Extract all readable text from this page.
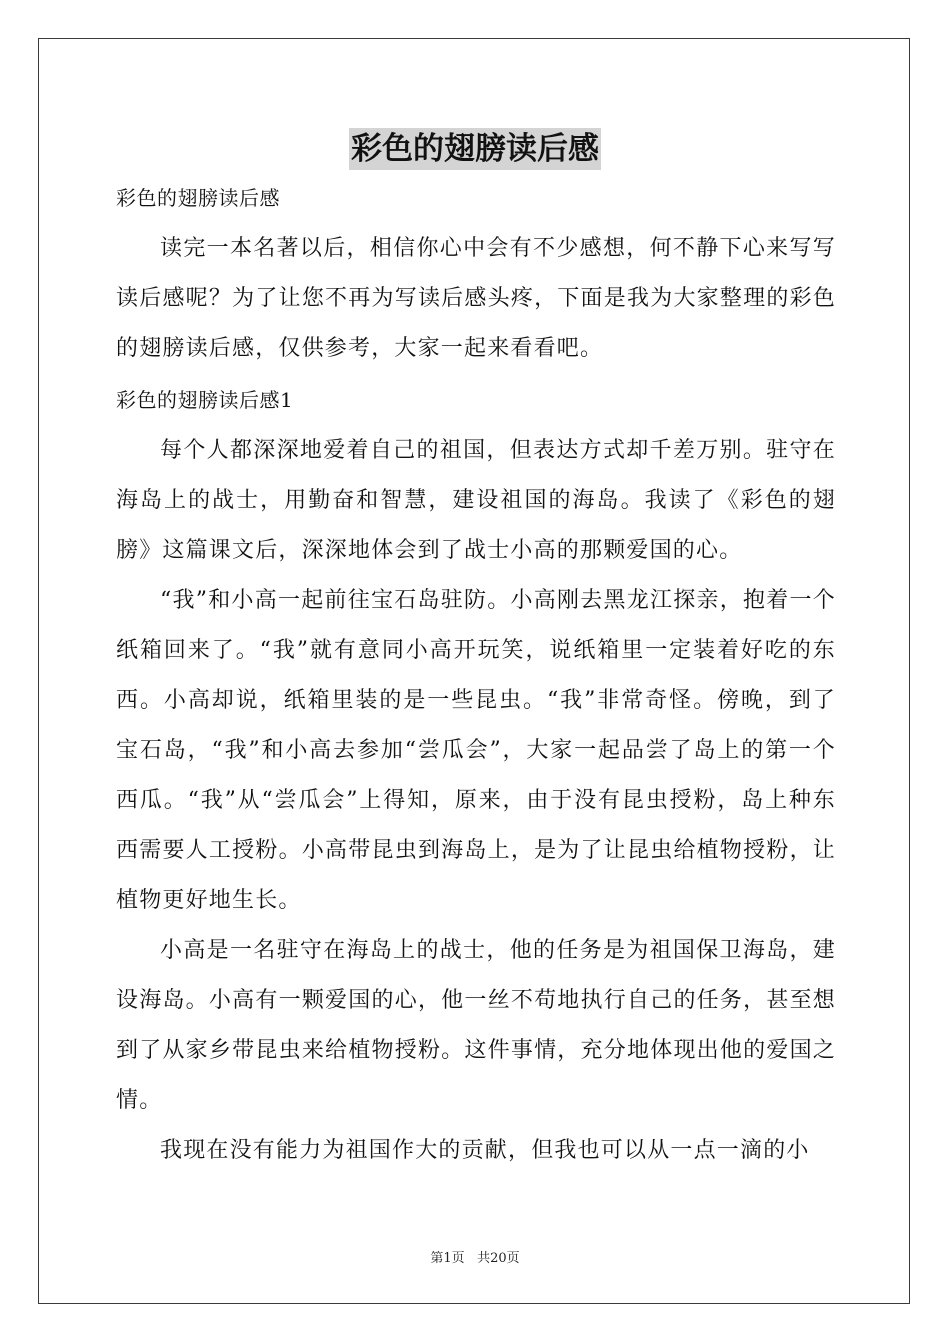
彩色的翅膀读后感

彩色的翅膀读后感

读完一本名著以后，相信你心中会有不少感想，何不静下心来写写读后感呢？为了让您不再为写读后感头疼，下面是我为大家整理的彩色的翅膀读后感，仅供参考，大家一起来看看吧。

彩色的翅膀读后感1

每个人都深深地爱着自己的祖国，但表达方式却千差万别。驻守在海岛上的战士，用勤奋和智慧，建设祖国的海岛。我读了《彩色的翅膀》这篇课文后，深深地体会到了战士小高的那颗爱国的心。

“我”和小高一起前往宝石岛驻防。小高刚去黑龙江探亲，抱着一个纸箱回来了。“我”就有意同小高开玩笑，说纸箱里一定装着好吃的东西。小高却说，纸箱里装的是一些昆虫。“我”非常奇怪。傍晚，到了宝石岛，“我”和小高去参加“尝瓜会”，大家一起品尝了岛上的第一个西瓜。“我”从“尝瓜会”上得知，原来，由于没有昆虫授粉，岛上种东西需要人工授粉。小高带昆虫到海岛上，是为了让昆虫给植物授粉，让植物更好地生长。

小高是一名驻守在海岛上的战士，他的任务是为祖国保卫海岛，建设海岛。小高有一颗爱国的心，他一丝不苟地执行自己的任务，甚至想到了从家乡带昆虫来给植物授粉。这件事情，充分地体现出他的爱国之情。

我现在没有能力为祖国作大的贡献，但我也可以从一点一滴的小

第1页 共20页
